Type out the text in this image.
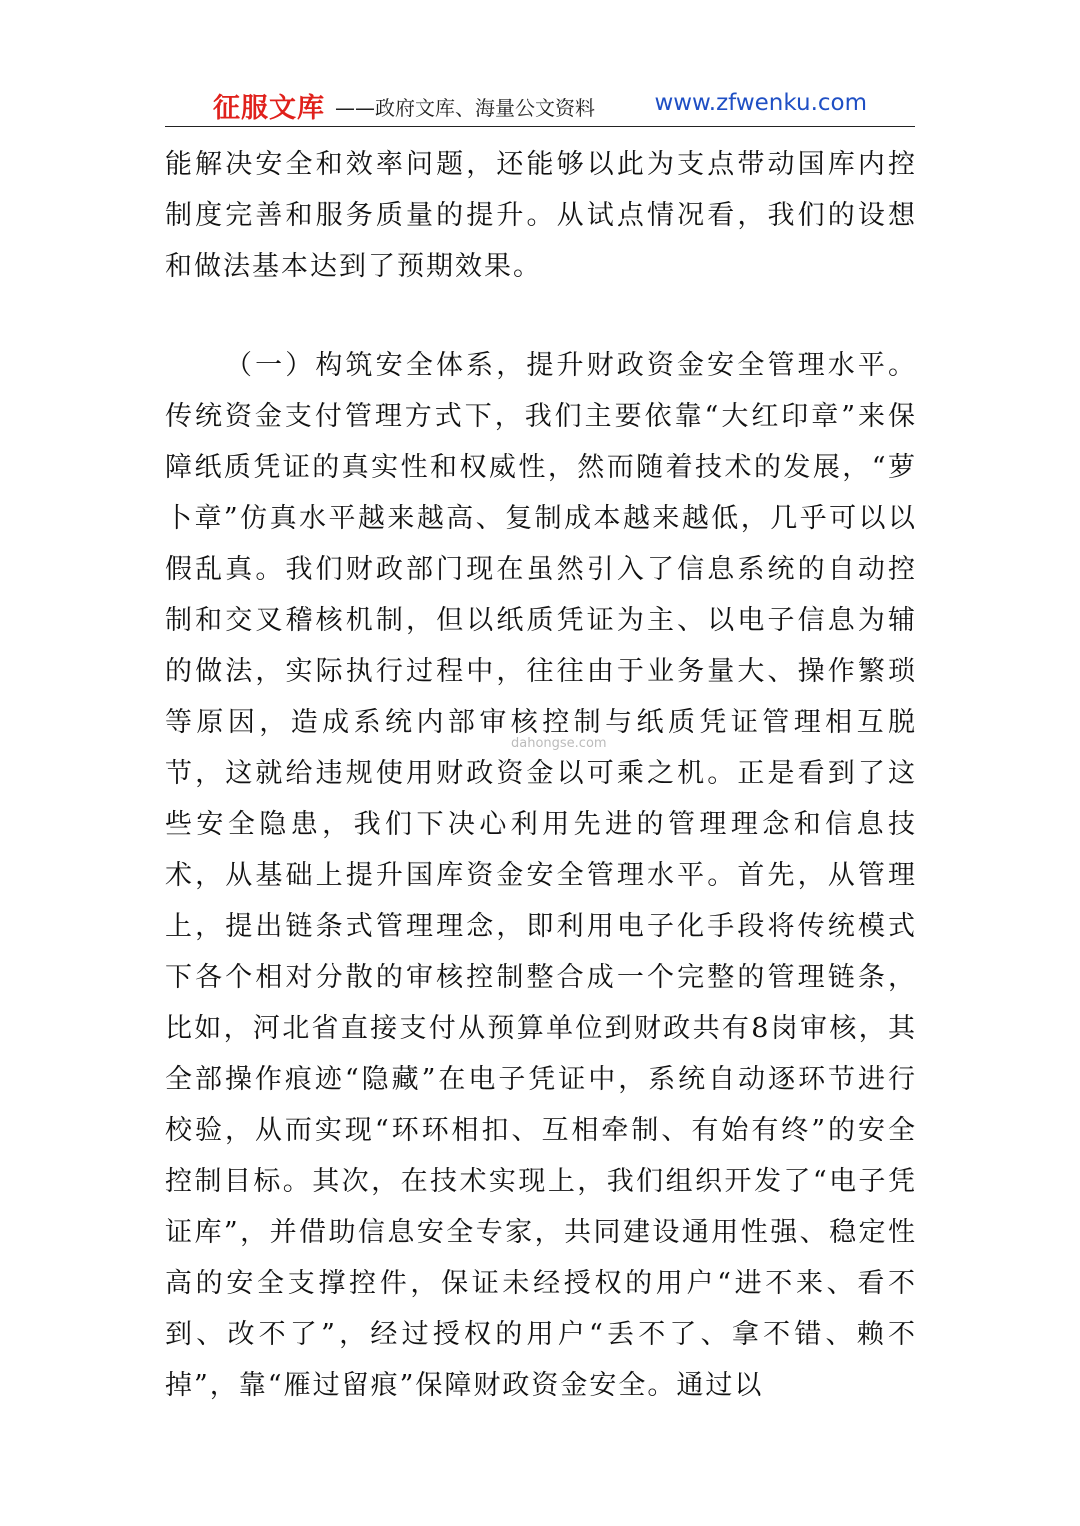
征服文库 ——政府文库、海量公文资料	www.zfwenku.com
能解决安全和效率问题，还能够以此为支点带动国库内控制度完善和服务质量的提升。从试点情况看，我们的设想和做法基本达到了预期效果。
（一）构筑安全体系，提升财政资金安全管理水平。传统资金支付管理方式下，我们主要依靠“大红印章”来保障纸质凭证的真实性和权威性，然而随着技术的发展，“萝卜章”仿真水平越来越高、复制成本越来越低，几乎可以以假乱真。我们财政部门现在虽然引入了信息系统的自动控制和交叉稽核机制，但以纸质凭证为主、以电子信息为辅的做法，实际执行过程中，往往由于业务量大、操作繁琐等原因，造成系统内部审核控制与纸质凭证管理相互脱节，这就给违规使用财政资金以可乘之机。正是看到了这些安全隐患，我们下决心利用先进的管理理念和信息技术，从基础上提升国库资金安全管理水平。首先，从管理上，提出链条式管理理念，即利用电子化手段将传统模式下各个相对分散的审核控制整合成一个完整的管理链条，比如，河北省直接支付从预算单位到财政共有8岗审核，其全部操作痕迹“隐藏”在电子凭证中，系统自动逐环节进行校验，从而实现“环环相扣、互相牵制、有始有终”的安全控制目标。其次，在技术实现上，我们组织开发了“电子凭证库”，并借助信息安全专家，共同建设通用性强、稳定性高的安全支撑控件，保证未经授权的用户“进不来、看不到、改不了”，经过授权的用户“丢不了、拿不错、赖不掉”，靠“雁过留痕”保障财政资金安全。通过以
dahongse.com
